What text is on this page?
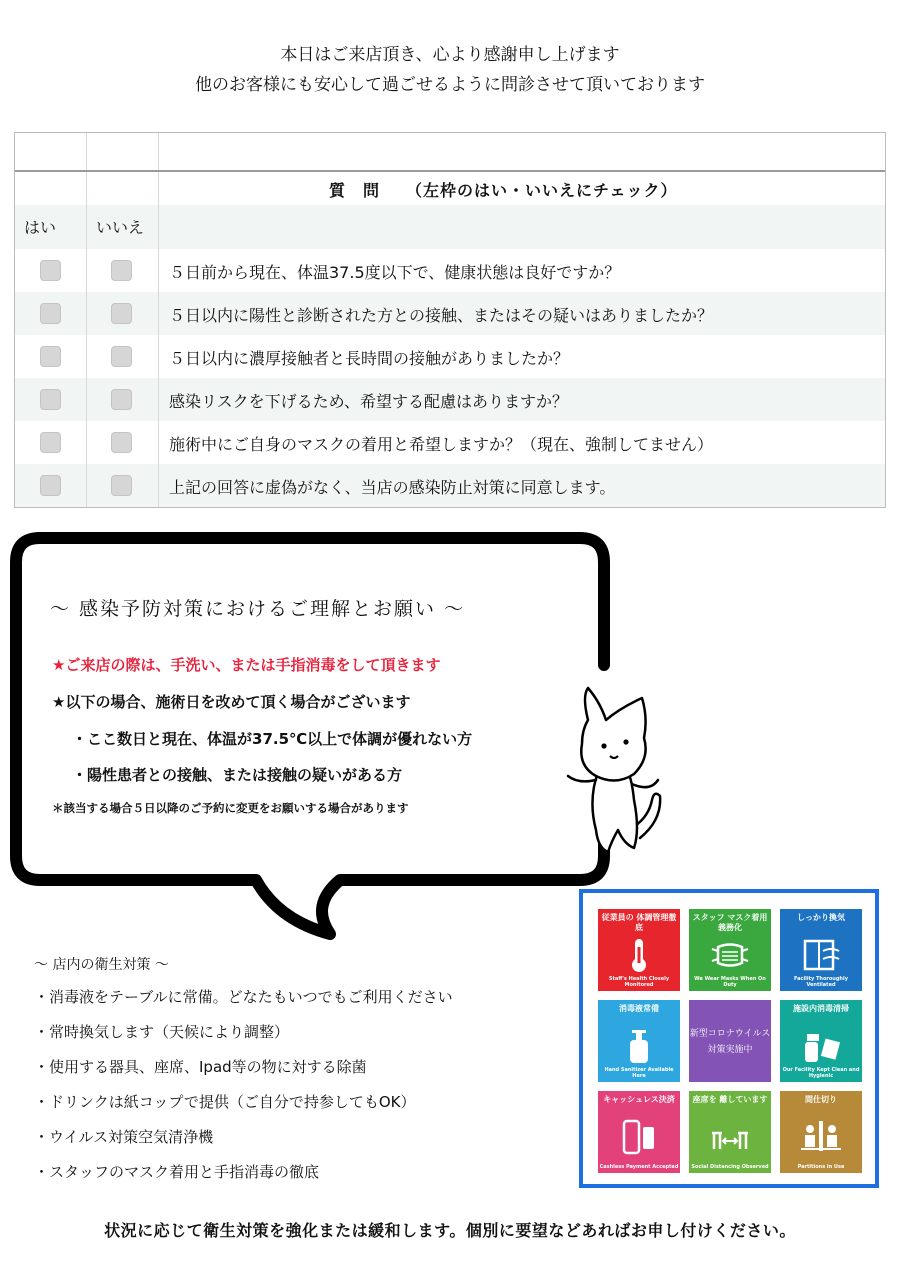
本日はご来店頂き、心より感謝申し上げます
他のお客様にも安心して過ごせるように問診させて頂いております
質　問　　（左枠のはい・いいえにチェック）
はい いいえ
５日前から現在、体温37.5度以下で、健康状態は良好ですか？
５日以内に陽性と診断された方との接触、またはその疑いはありましたか？
５日以内に濃厚接触者と長時間の接触がありましたか？
感染リスクを下げるため、希望する配慮はありますか？
施術中にご自身のマスクの着用と希望しますか？（現在、強制してません）
上記の回答に虚偽がなく、当店の感染防止対策に同意します。
～ 感染予防対策におけるご理解とお願い ～
★ご来店の際は、手洗い、または手指消毒をして頂きます
★以下の場合、施術日を改めて頂く場合がございます
・ここ数日と現在、体温が37.5℃以上で体調が優れない方
・陽性患者との接触、または接触の疑いがある方
＊該当する場合５日以降のご予約に変更をお願いする場合があります
～ 店内の衛生対策 ～
・消毒液をテーブルに常備。どなたもいつでもご利用ください
・常時換気します（天候により調整）
・使用する器具、座席、Ipad等の物に対する除菌
・ドリンクは紙コップで提供（ご自分で持参してもOK）
・ウイルス対策空気清浄機
・スタッフのマスク着用と手指消毒の徹底
従業員の 体調管理徹底
Staff's Health Closely Monitored
スタッフ マスク着用義務化
We Wear Masks When On Duty
しっかり換気
Facility Thoroughly Ventilated
消毒液常備
Hand Sanitizer Available Here
新型コロナウイルス 対策実施中
施設内消毒清掃
Our Facility Kept Clean and Hygienic
キャッシュレス決済
Cashless Payment Accepted
座席を 離しています
Social Distancing Observed
間仕切り
Partitions in Use
状況に応じて衛生対策を強化または緩和します。個別に要望などあればお申し付けください。
